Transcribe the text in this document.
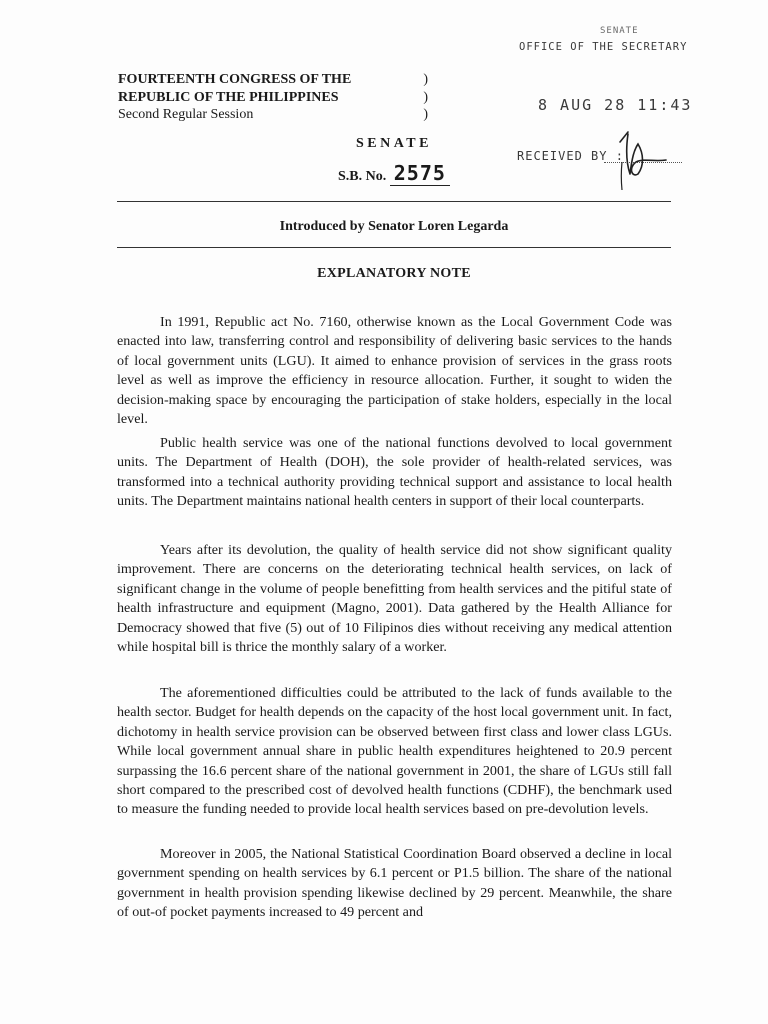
SENATE
OFFICE OF THE SECRETARY
8 AUG 28 11:43
RECEIVED BY :
FOURTEENTH CONGRESS OF THE	)
REPUBLIC OF THE PHILIPPINES	)
Second Regular Session	)
SENATE
S.B. No. 2575
Introduced by Senator Loren Legarda
EXPLANATORY NOTE

In 1991, Republic act No. 7160, otherwise known as the Local Government Code was enacted into law, transferring control and responsibility of delivering basic services to the hands of local government units (LGU). It aimed to enhance provision of services in the grass roots level as well as improve the efficiency in resource allocation. Further, it sought to widen the decision-making space by encouraging the participation of stake holders, especially in the local level.

Public health service was one of the national functions devolved to local government units. The Department of Health (DOH), the sole provider of health-related services, was transformed into a technical authority providing technical support and assistance to local health units. The Department maintains national health centers in support of their local counterparts.

Years after its devolution, the quality of health service did not show significant quality improvement. There are concerns on the deteriorating technical health services, on lack of significant change in the volume of people benefitting from health services and the pitiful state of health infrastructure and equipment (Magno, 2001). Data gathered by the Health Alliance for Democracy showed that five (5) out of 10 Filipinos dies without receiving any medical attention while hospital bill is thrice the monthly salary of a worker.

The aforementioned difficulties could be attributed to the lack of funds available to the health sector. Budget for health depends on the capacity of the host local government unit. In fact, dichotomy in health service provision can be observed between first class and lower class LGUs. While local government annual share in public health expenditures heightened to 20.9 percent surpassing the 16.6 percent share of the national government in 2001, the share of LGUs still fall short compared to the prescribed cost of devolved health functions (CDHF), the benchmark used to measure the funding needed to provide local health services based on pre-devolution levels.

Moreover in 2005, the National Statistical Coordination Board observed a decline in local government spending on health services by 6.1 percent or P1.5 billion. The share of the national government in health provision spending likewise declined by 29 percent. Meanwhile, the share of out-of pocket payments increased to 49 percent and
